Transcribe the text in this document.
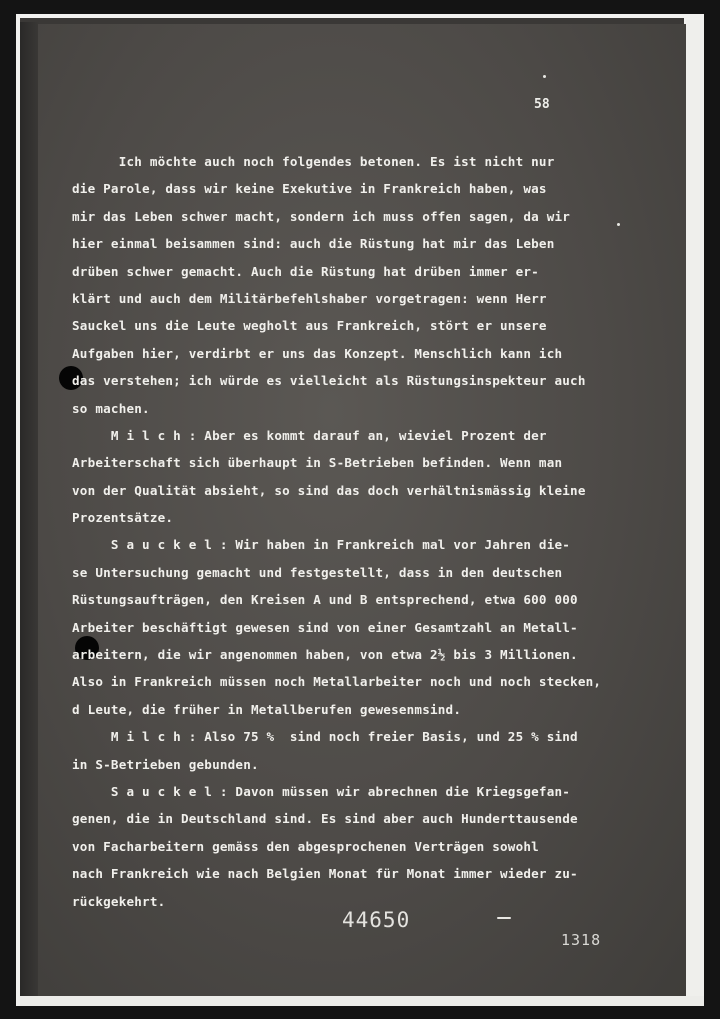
58
Ich möchte auch noch folgendes betonen. Es ist nicht nur
die Parole, dass wir keine Exekutive in Frankreich haben, was
mir das Leben schwer macht, sondern ich muss offen sagen, da wir
hier einmal beisammen sind: auch die Rüstung hat mir das Leben
drüben schwer gemacht. Auch die Rüstung hat drüben immer er-
klärt und auch dem Militärbefehlshaber vorgetragen: wenn Herr
Sauckel uns die Leute wegholt aus Frankreich, stört er unsere
Aufgaben hier, verdirbt er uns das Konzept. Menschlich kann ich
das verstehen; ich würde es vielleicht als Rüstungsinspekteur auch
so machen.
M i l c h : Aber es kommt darauf an, wieviel Prozent der
Arbeiterschaft sich überhaupt in S-Betrieben befinden. Wenn man
von der Qualität absieht, so sind das doch verhältnismässig kleine
Prozentsätze.
S a u c k e l : Wir haben in Frankreich mal vor Jahren die-
se Untersuchung gemacht und festgestellt, dass in den deutschen
Rüstungsaufträgen, den Kreisen A und B entsprechend, etwa 600 000
Arbeiter beschäftigt gewesen sind von einer Gesamtzahl an Metall-
arbeitern, die wir angenommen haben, von etwa 2½ bis 3 Millionen.
Also in Frankreich müssen noch Metallarbeiter noch und noch stecken,
d Leute, die früher in Metallberufen gewesenmsind.
M i l c h : Also 75 %  sind noch freier Basis, und 25 % sind
in S-Betrieben gebunden.
S a u c k e l : Davon müssen wir abrechnen die Kriegsgefan-
genen, die in Deutschland sind. Es sind aber auch Hunderttausende
von Facharbeitern gemäss den abgesprochenen Verträgen sowohl
nach Frankreich wie nach Belgien Monat für Monat immer wieder zu-
rückgekehrt.
44650
1318
